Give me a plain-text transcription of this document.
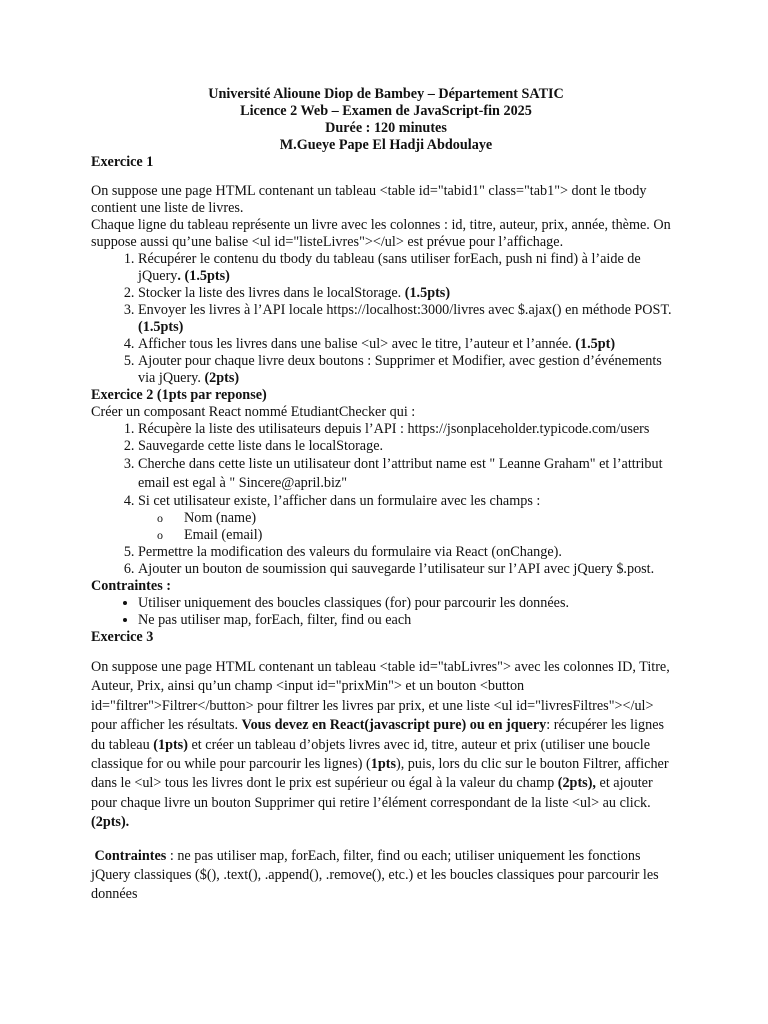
Université Alioune Diop de Bambey – Département SATIC
Licence 2 Web – Examen de JavaScript-fin 2025
Durée : 120 minutes
M.Gueye Pape El Hadji Abdoulaye

Exercice 1

On suppose une page HTML contenant un tableau <table id="tabid1" class="tab1"> dont le tbody contient une liste de livres.

Chaque ligne du tableau représente un livre avec les colonnes : id, titre, auteur, prix, année, thème. On suppose aussi qu’une balise <ul id="listeLivres"></ul> est prévue pour l’affichage.

1. Récupérer le contenu du tbody du tableau (sans utiliser forEach, push ni find) à l’aide de jQuery. (1.5pts)
2. Stocker la liste des livres dans le localStorage. (1.5pts)
3. Envoyer les livres à l’API locale https://localhost:3000/livres avec $.ajax() en méthode POST. (1.5pts)
4. Afficher tous les livres dans une balise <ul> avec le titre, l’auteur et l’année. (1.5pt)
5. Ajouter pour chaque livre deux boutons : Supprimer et Modifier, avec gestion d’événements via jQuery. (2pts)

Exercice 2 (1pts par reponse)

Créer un composant React nommé EtudiantChecker qui :

1. Récupère la liste des utilisateurs depuis l’API : https://jsonplaceholder.typicode.com/users
2. Sauvegarde cette liste dans le localStorage.
3. Cherche dans cette liste un utilisateur dont l’attribut name est " Leanne Graham" et l’attribut email est egal à " Sincere@april.biz"
4. Si cet utilisateur existe, l’afficher dans un formulaire avec les champs :
o Nom (name)
o Email (email)
5. Permettre la modification des valeurs du formulaire via React (onChange).
6. Ajouter un bouton de soumission qui sauvegarde l’utilisateur sur l’API avec jQuery $.post.

Contraintes :

• Utiliser uniquement des boucles classiques (for) pour parcourir les données.
• Ne pas utiliser map, forEach, filter, find ou each

Exercice 3

On suppose une page HTML contenant un tableau <table id="tabLivres"> avec les colonnes ID, Titre, Auteur, Prix, ainsi qu’un champ <input id="prixMin"> et un bouton <button id="filtrer">Filtrer</button> pour filtrer les livres par prix, et une liste <ul id="livresFiltres"></ul> pour afficher les résultats. Vous devez en React(javascript pure) ou en jquery: récupérer les lignes du tableau (1pts) et créer un tableau d’objets livres avec id, titre, auteur et prix (utiliser une boucle classique for ou while pour parcourir les lignes) (1pts), puis, lors du clic sur le bouton Filtrer, afficher dans le <ul> tous les livres dont le prix est supérieur ou égal à la valeur du champ (2pts), et ajouter pour chaque livre un bouton Supprimer qui retire l’élément correspondant de la liste <ul> au click. (2pts).

Contraintes : ne pas utiliser map, forEach, filter, find ou each; utiliser uniquement les fonctions jQuery classiques ($(), .text(), .append(), .remove(), etc.) et les boucles classiques pour parcourir les données
